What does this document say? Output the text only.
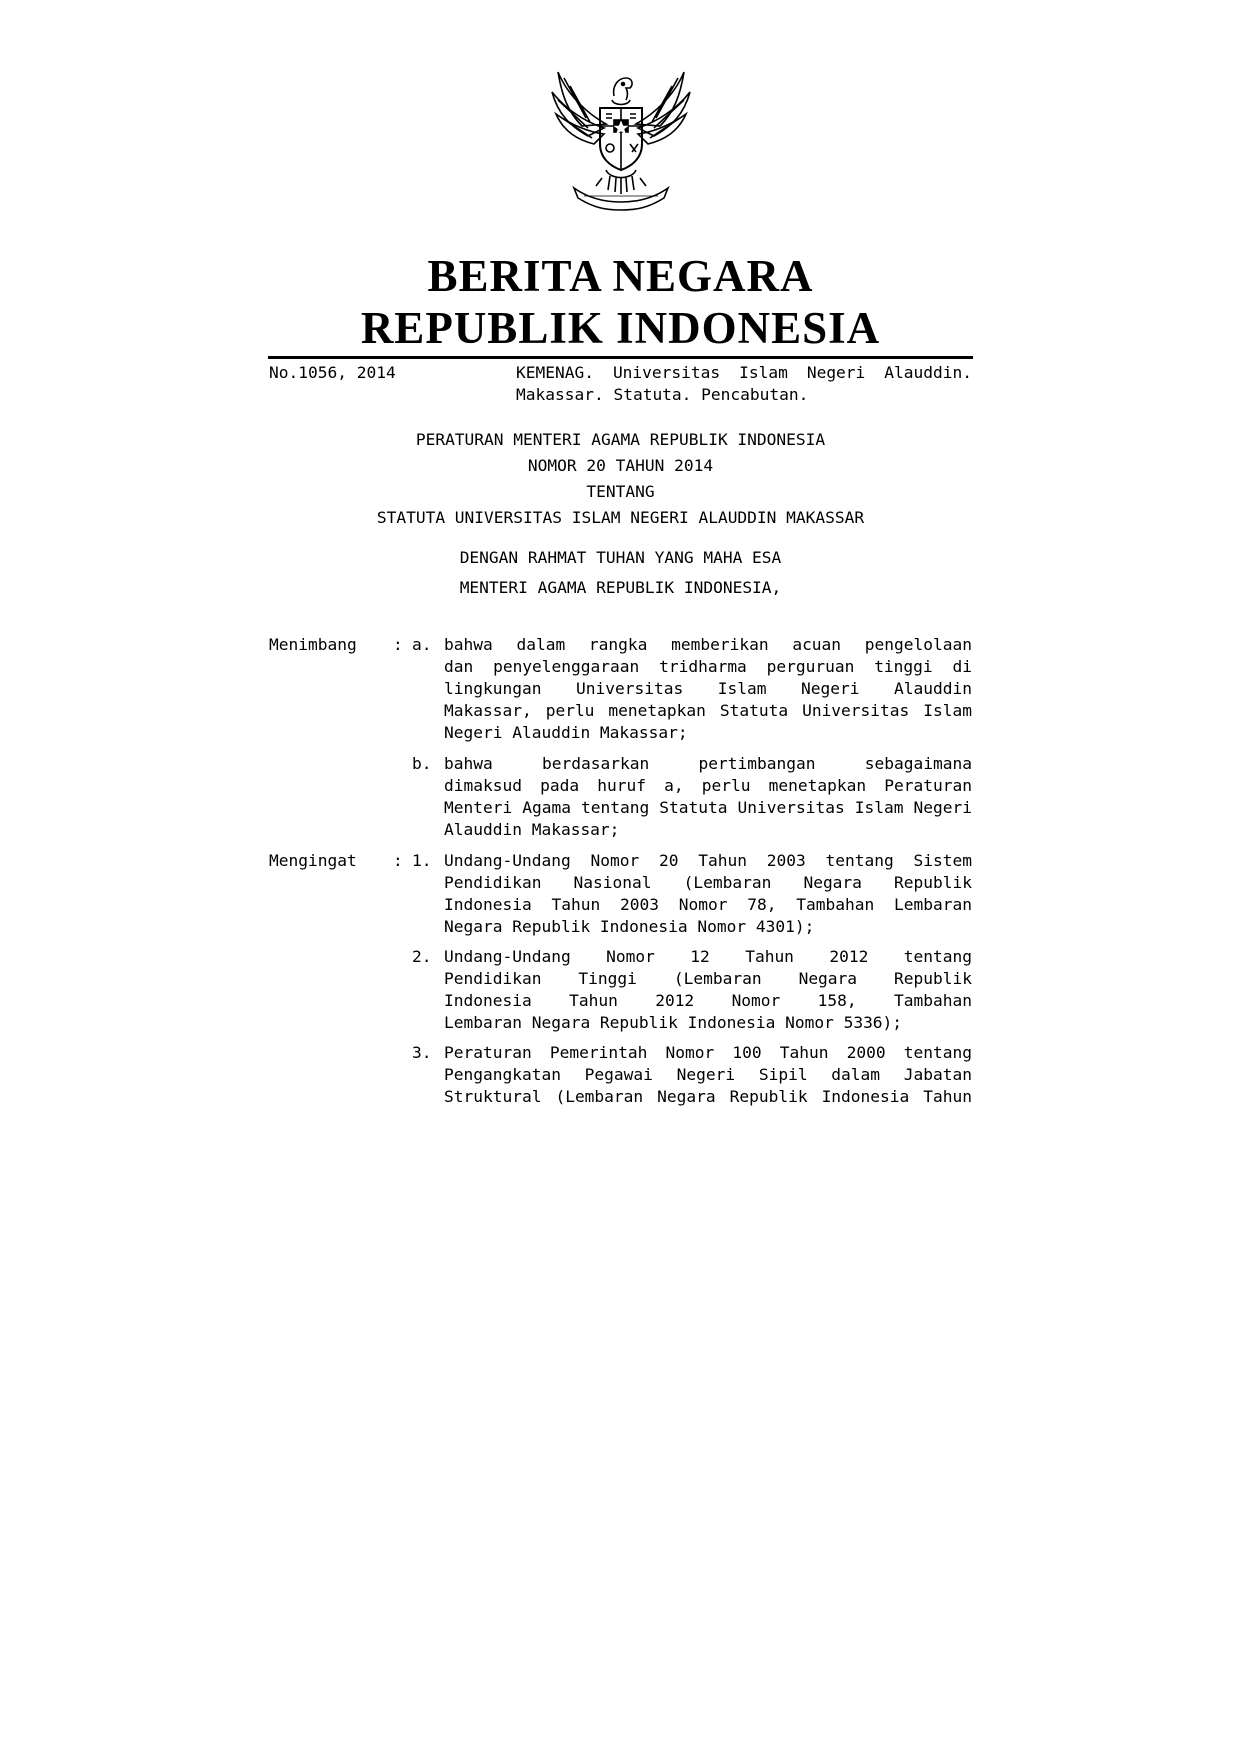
BERITA NEGARA
REPUBLIK INDONESIA
No.1056, 2014	KEMENAG. Universitas Islam Negeri Alauddin.
Makassar. Statuta. Pencabutan.
PERATURAN MENTERI AGAMA REPUBLIK INDONESIA
NOMOR 20 TAHUN 2014
TENTANG
STATUTA UNIVERSITAS ISLAM NEGERI ALAUDDIN MAKASSAR
DENGAN RAHMAT TUHAN YANG MAHA ESA
MENTERI AGAMA REPUBLIK INDONESIA,
Menimbang : a. bahwa dalam rangka memberikan acuan pengelolaan
dan penyelenggaraan tridharma perguruan tinggi di
lingkungan Universitas Islam Negeri Alauddin
Makassar, perlu menetapkan Statuta Universitas Islam
Negeri Alauddin Makassar;
b. bahwa berdasarkan pertimbangan sebagaimana
dimaksud pada huruf a, perlu menetapkan Peraturan
Menteri Agama tentang Statuta Universitas Islam Negeri
Alauddin Makassar;
Mengingat : 1. Undang-Undang Nomor 20 Tahun 2003 tentang Sistem
Pendidikan Nasional (Lembaran Negara Republik
Indonesia Tahun 2003 Nomor 78, Tambahan Lembaran
Negara Republik Indonesia Nomor 4301);
2. Undang-Undang Nomor 12 Tahun 2012 tentang
Pendidikan Tinggi (Lembaran Negara Republik
Indonesia Tahun 2012 Nomor 158, Tambahan
Lembaran Negara Republik Indonesia Nomor 5336);
3. Peraturan Pemerintah Nomor 100 Tahun 2000 tentang
Pengangkatan Pegawai Negeri Sipil dalam Jabatan
Struktural (Lembaran Negara Republik Indonesia Tahun
